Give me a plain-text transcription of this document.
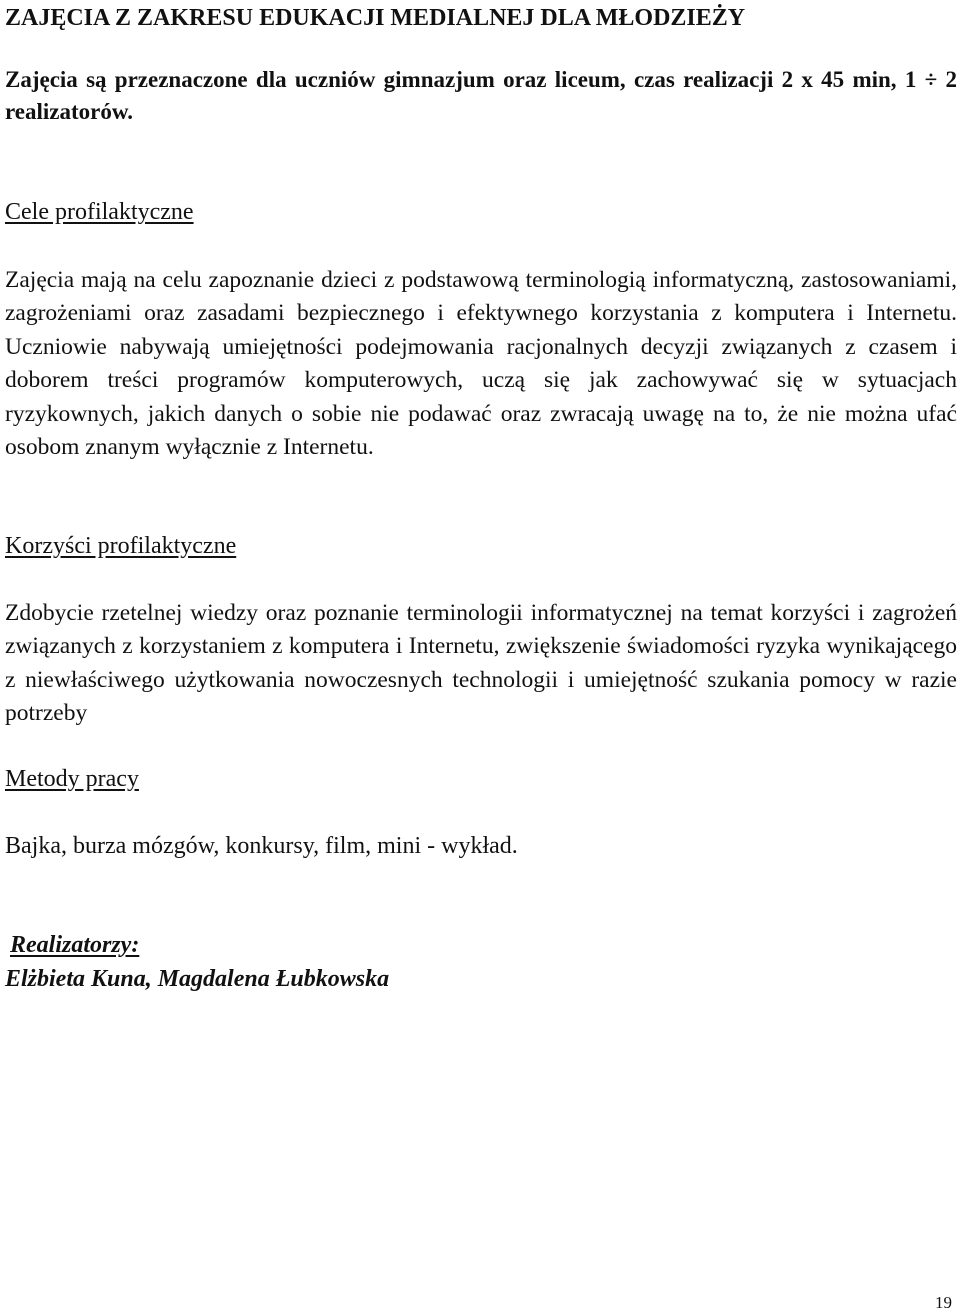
ZAJĘCIA Z ZAKRESU EDUKACJI MEDIALNEJ DLA MŁODZIEŻY
Zajęcia są przeznaczone dla uczniów gimnazjum oraz liceum, czas realizacji 2 x 45 min, 1 ÷ 2 realizatorów.
Cele profilaktyczne
Zajęcia mają na celu zapoznanie dzieci z podstawową terminologią informatyczną, zastosowaniami, zagrożeniami oraz zasadami bezpiecznego i efektywnego korzystania z komputera i Internetu. Uczniowie nabywają umiejętności podejmowania racjonalnych decyzji związanych z czasem i doborem treści programów komputerowych, uczą się jak zachowywać się w sytuacjach ryzykownych, jakich danych o sobie nie podawać oraz zwracają uwagę na to, że nie można ufać osobom znanym wyłącznie z Internetu.
Korzyści profilaktyczne
Zdobycie rzetelnej wiedzy oraz poznanie terminologii informatycznej na temat korzyści i zagrożeń związanych z korzystaniem z komputera i Internetu, zwiększenie świadomości ryzyka wynikającego z niewłaściwego użytkowania nowoczesnych technologii i umiejętność szukania pomocy w razie potrzeby
Metody pracy
Bajka, burza mózgów, konkursy, film, mini - wykład.
Realizatorzy:
Elżbieta Kuna, Magdalena Łubkowska
19
